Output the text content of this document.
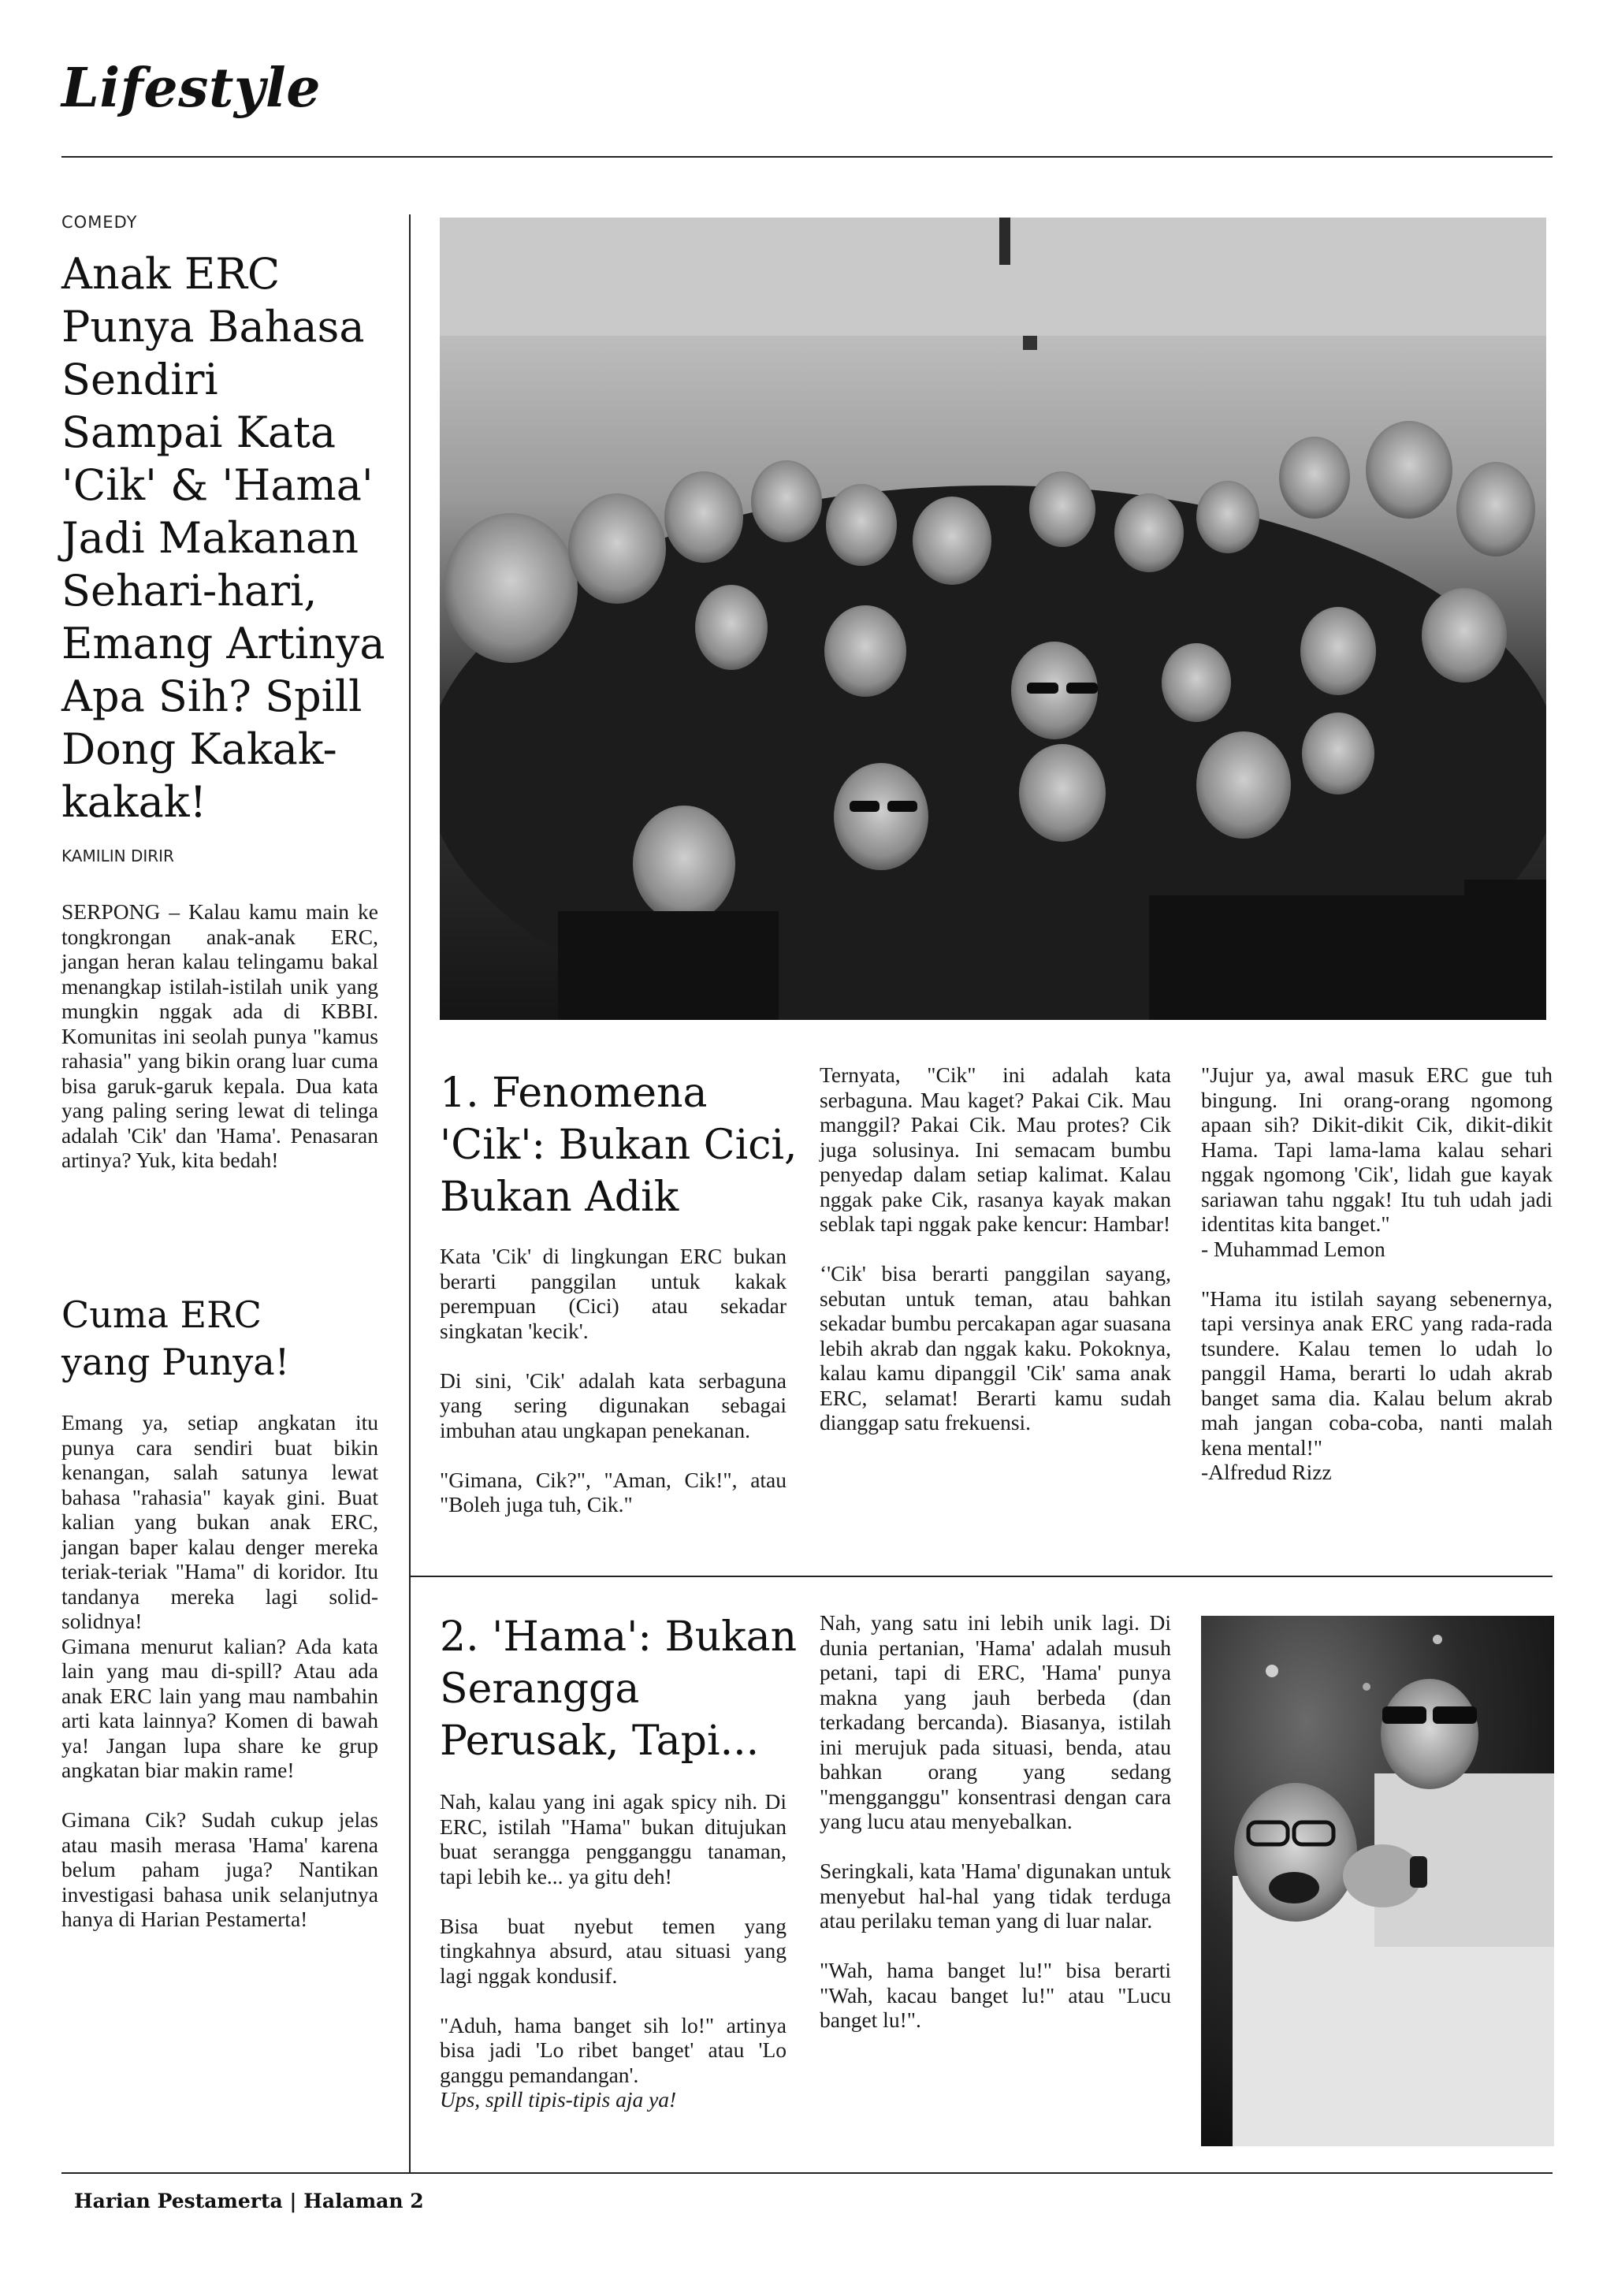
Lifestyle
COMEDY
Anak ERC Punya Bahasa Sendiri Sampai Kata 'Cik' & 'Hama' Jadi Makanan Sehari-hari, Emang Artinya Apa Sih? Spill Dong Kakak-kakak!
KAMILIN DIRIR

SERPONG – Kalau kamu main ke tongkrongan anak-anak ERC, jangan heran kalau telingamu bakal menangkap istilah-istilah unik yang mungkin nggak ada di KBBI. Komunitas ini seolah punya "kamus rahasia" yang bikin orang luar cuma bisa garuk-garuk kepala. Dua kata yang paling sering lewat di telinga adalah 'Cik' dan 'Hama'. Penasaran artinya? Yuk, kita bedah!

Cuma ERC yang Punya!

Emang ya, setiap angkatan itu punya cara sendiri buat bikin kenangan, salah satunya lewat bahasa "rahasia" kayak gini. Buat kalian yang bukan anak ERC, jangan baper kalau denger mereka teriak-teriak "Hama" di koridor. Itu tandanya mereka lagi solid-solidnya!

Gimana menurut kalian? Ada kata lain yang mau di-spill? Atau ada anak ERC lain yang mau nambahin arti kata lainnya? Komen di bawah ya! Jangan lupa share ke grup angkatan biar makin rame!

Gimana Cik? Sudah cukup jelas atau masih merasa 'Hama' karena belum paham juga? Nantikan investigasi bahasa unik selanjutnya hanya di Harian Pestamerta!

1. Fenomena 'Cik': Bukan Cici, Bukan Adik

Kata 'Cik' di lingkungan ERC bukan berarti panggilan untuk kakak perempuan (Cici) atau sekadar singkatan 'kecik'.

Di sini, 'Cik' adalah kata serbaguna yang sering digunakan sebagai imbuhan atau ungkapan penekanan.

"Gimana, Cik?", "Aman, Cik!", atau "Boleh juga tuh, Cik."

Ternyata, "Cik" ini adalah kata serbaguna. Mau kaget? Pakai Cik. Mau manggil? Pakai Cik. Mau protes? Cik juga solusinya. Ini semacam bumbu penyedap dalam setiap kalimat. Kalau nggak pake Cik, rasanya kayak makan seblak tapi nggak pake kencur: Hambar!

‘'Cik' bisa berarti panggilan sayang, sebutan untuk teman, atau bahkan sekadar bumbu percakapan agar suasana lebih akrab dan nggak kaku. Pokoknya, kalau kamu dipanggil 'Cik' sama anak ERC, selamat! Berarti kamu sudah dianggap satu frekuensi.

"Jujur ya, awal masuk ERC gue tuh bingung. Ini orang-orang ngomong apaan sih? Dikit-dikit Cik, dikit-dikit Hama. Tapi lama-lama kalau sehari nggak ngomong 'Cik', lidah gue kayak sariawan tahu nggak! Itu tuh udah jadi identitas kita banget."

- Muhammad Lemon

"Hama itu istilah sayang sebenernya, tapi versinya anak ERC yang rada-rada tsundere. Kalau temen lo udah lo panggil Hama, berarti lo udah akrab banget sama dia. Kalau belum akrab mah jangan coba-coba, nanti malah kena mental!"

-Alfredud Rizz

2. 'Hama': Bukan Serangga Perusak, Tapi...

Nah, kalau yang ini agak spicy nih. Di ERC, istilah "Hama" bukan ditujukan buat serangga pengganggu tanaman, tapi lebih ke... ya gitu deh!

Bisa buat nyebut temen yang tingkahnya absurd, atau situasi yang lagi nggak kondusif.

"Aduh, hama banget sih lo!" artinya bisa jadi 'Lo ribet banget' atau 'Lo ganggu pemandangan'.

Ups, spill tipis-tipis aja ya!

Nah, yang satu ini lebih unik lagi. Di dunia pertanian, 'Hama' adalah musuh petani, tapi di ERC, 'Hama' punya makna yang jauh berbeda (dan terkadang bercanda). Biasanya, istilah ini merujuk pada situasi, benda, atau bahkan orang yang sedang "mengganggu" konsentrasi dengan cara yang lucu atau menyebalkan.

Seringkali, kata 'Hama' digunakan untuk menyebut hal-hal yang tidak terduga atau perilaku teman yang di luar nalar.

"Wah, hama banget lu!" bisa berarti "Wah, kacau banget lu!" atau "Lucu banget lu!".

Harian Pestamerta | Halaman 2
